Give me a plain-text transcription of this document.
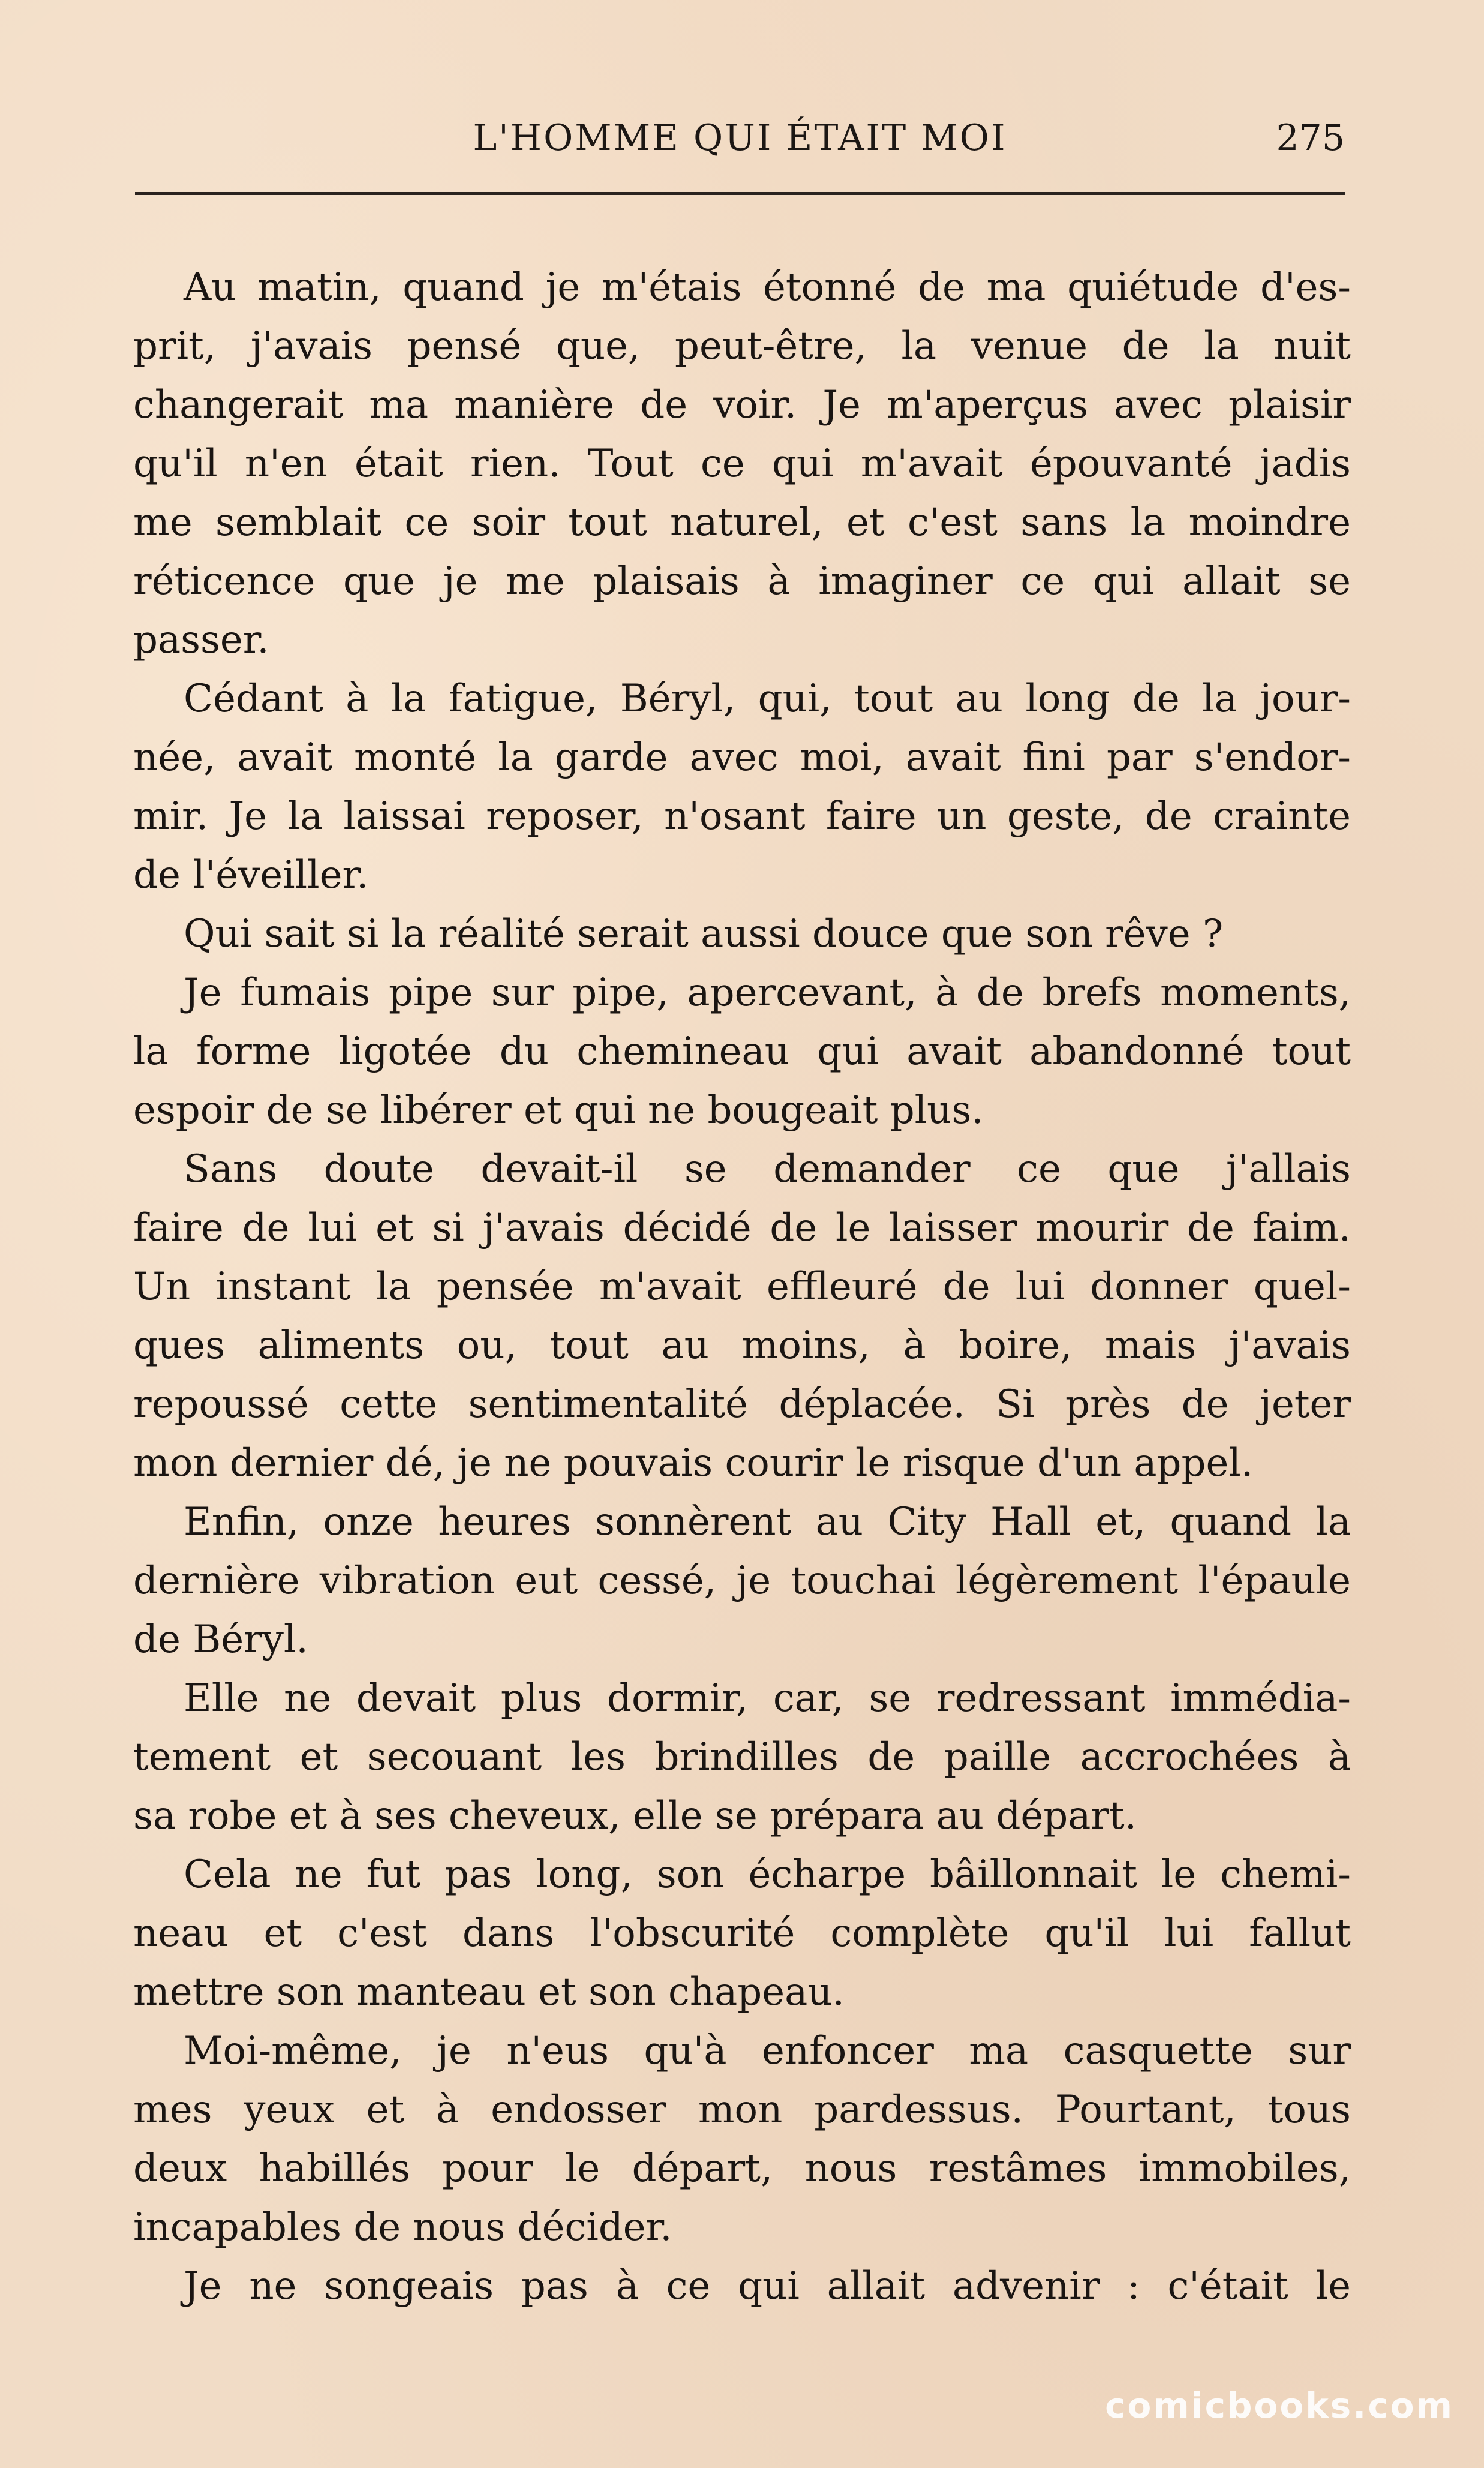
L'HOMME QUI ÉTAIT MOI	275
Au matin, quand je m'étais étonné de ma quiétude d'es-
prit, j'avais pensé que, peut-être, la venue de la nuit
changerait ma manière de voir. Je m'aperçus avec plaisir
qu'il n'en était rien. Tout ce qui m'avait épouvanté jadis
me semblait ce soir tout naturel, et c'est sans la moindre
réticence que je me plaisais à imaginer ce qui allait se
passer.
Cédant à la fatigue, Béryl, qui, tout au long de la jour-
née, avait monté la garde avec moi, avait fini par s'endor-
mir. Je la laissai reposer, n'osant faire un geste, de crainte
de l'éveiller.
Qui sait si la réalité serait aussi douce que son rêve ?
Je fumais pipe sur pipe, apercevant, à de brefs moments,
la forme ligotée du chemineau qui avait abandonné tout
espoir de se libérer et qui ne bougeait plus.
Sans doute devait-il se demander ce que j'allais
faire de lui et si j'avais décidé de le laisser mourir de faim.
Un instant la pensée m'avait effleuré de lui donner quel-
ques aliments ou, tout au moins, à boire, mais j'avais
repoussé cette sentimentalité déplacée. Si près de jeter
mon dernier dé, je ne pouvais courir le risque d'un appel.
Enfin, onze heures sonnèrent au City Hall et, quand la
dernière vibration eut cessé, je touchai légèrement l'épaule
de Béryl.
Elle ne devait plus dormir, car, se redressant immédia-
tement et secouant les brindilles de paille accrochées à
sa robe et à ses cheveux, elle se prépara au départ.
Cela ne fut pas long, son écharpe bâillonnait le chemi-
neau et c'est dans l'obscurité complète qu'il lui fallut
mettre son manteau et son chapeau.
Moi-même, je n'eus qu'à enfoncer ma casquette sur
mes yeux et à endosser mon pardessus. Pourtant, tous
deux habillés pour le départ, nous restâmes immobiles,
incapables de nous décider.
Je ne songeais pas à ce qui allait advenir : c'était le
comicbooks.com
